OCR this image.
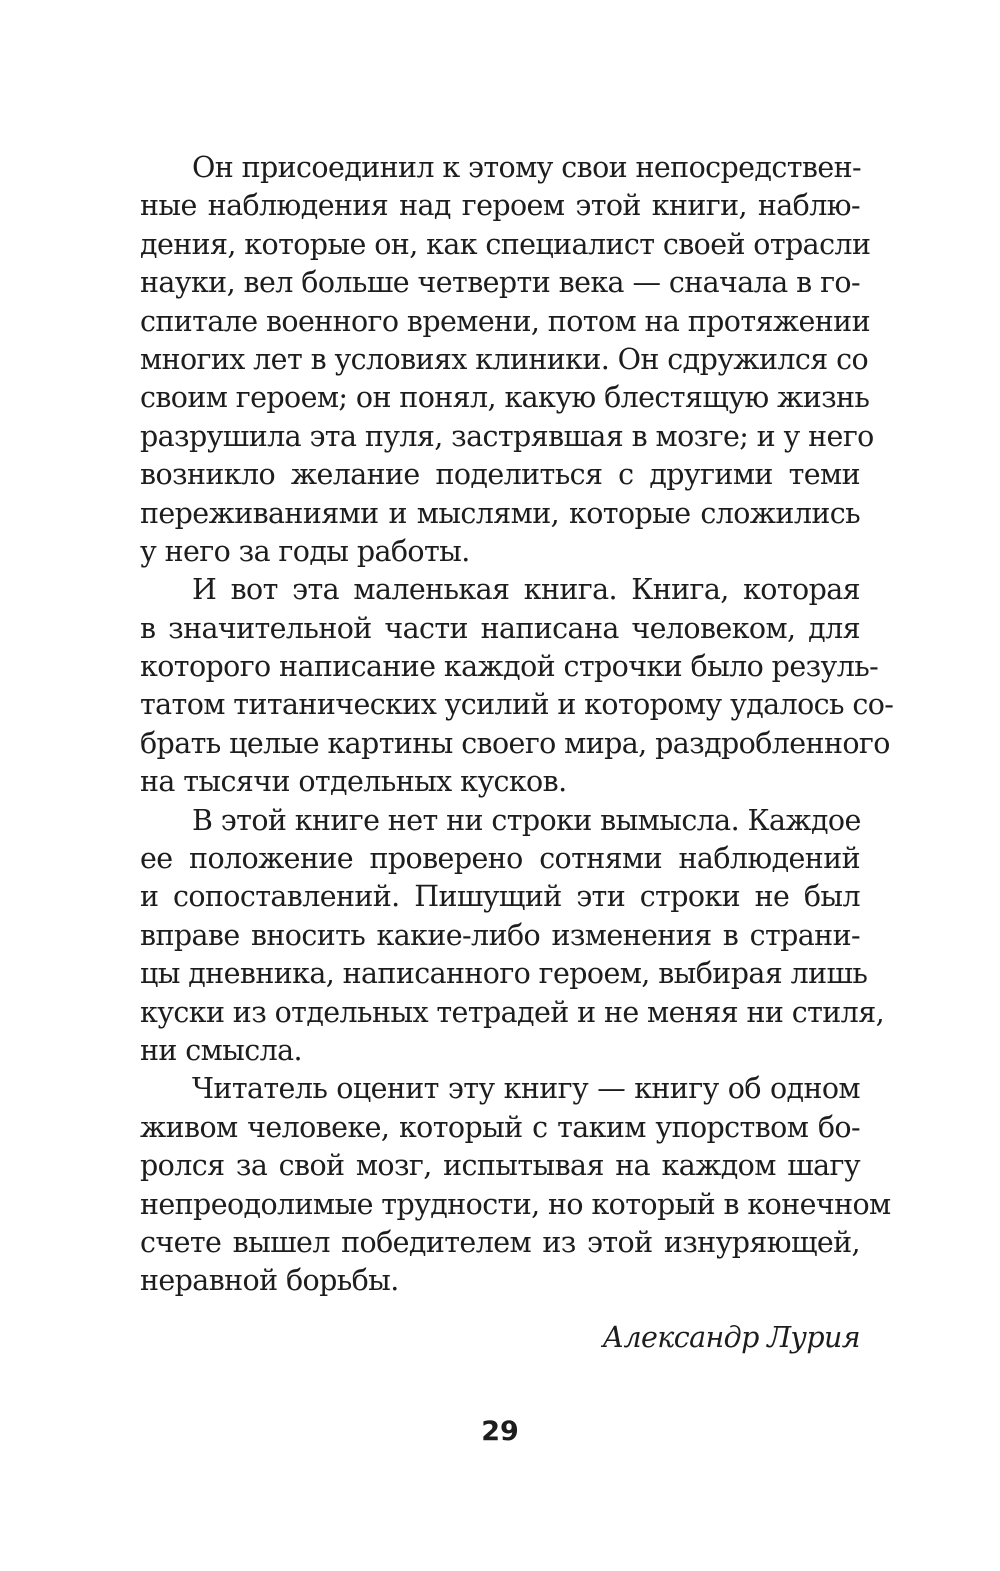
Он присоединил к этому свои непосредствен-
ные наблюдения над героем этой книги, наблю-
дения, которые он, как специалист своей отрасли
науки, вел больше четверти века — сначала в го-
спитале военного времени, потом на протяжении
многих лет в условиях клиники. Он сдружился со
своим героем; он понял, какую блестящую жизнь
разрушила эта пуля, застрявшая в мозге; и у него
возникло желание поделиться с другими теми
переживаниями и мыслями, которые сложились
у него за годы работы.
И вот эта маленькая книга. Книга, которая
в значительной части написана человеком, для
которого написание каждой строчки было резуль-
татом титанических усилий и которому удалось со-
брать целые картины своего мира, раздробленного
на тысячи отдельных кусков.
В этой книге нет ни строки вымысла. Каждое
ее положение проверено сотнями наблюдений
и сопоставлений. Пишущий эти строки не был
вправе вносить какие-либо изменения в страни-
цы дневника, написанного героем, выбирая лишь
куски из отдельных тетрадей и не меняя ни стиля,
ни смысла.
Читатель оценит эту книгу — книгу об одном
живом человеке, который с таким упорством бо-
ролся за свой мозг, испытывая на каждом шагу
непреодолимые трудности, но который в конечном
счете вышел победителем из этой изнуряющей,
неравной борьбы.
Александр Лурия
29
